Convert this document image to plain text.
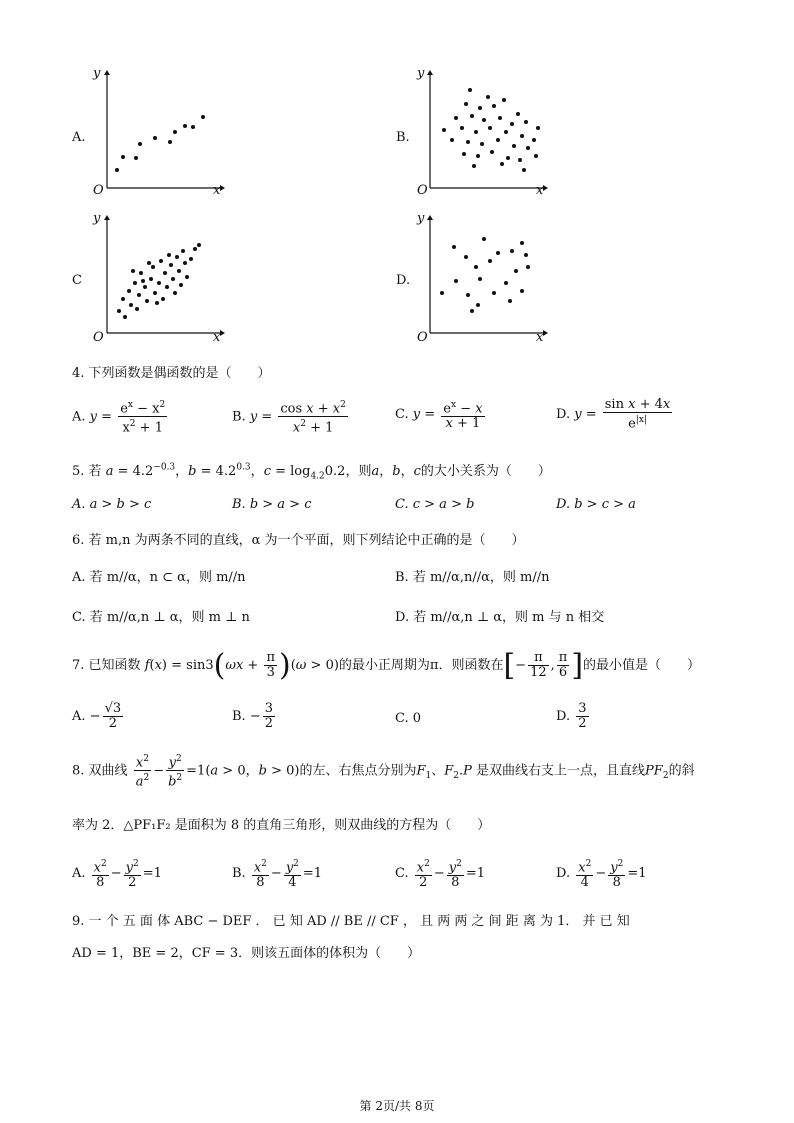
A.
O	x
y
B.
O	x
y
C
O	x
y
D.
O	x
y
4. 下列函数是偶函数的是（　　）
A. $y = \frac{e^x - x^2}{x^2 + 1}$	B. $y = \frac{\cos x + x^2}{x^2 + 1}$	C. $y = \frac{e^x - x}{x + 1}$	D. $y = \frac{\text{sin x + 4x}}{e^{|x|}}$
5. 若 $a = 4.2^{-0.3}$，$b = 4.2^{0.3}$，$c = \log_{4.2}0.2$，则a，b，c的大小关系为（　　）
A. a > b > c	B. b > a > c	C. c > a > b	D. b > c > a
6. 若 m,n 为两条不同的直线，α 为一个平面，则下列结论中正确的是（　　）
A. 若 m//α，n ⊂ α，则 m//n	B. 若 m//α,n//α，则 m//n
C. 若 m//α,n ⊥ α，则 m ⊥ n	D. 若 m//α,n ⊥ α，则 m 与 n 相交
7. 已知函数 $f(x) = \sin 3(\omega x + \frac{\pi}{3} )(\omega > 0)$的最小正周期为π．则函数在[− $\frac{\pi}{12}$ , $\frac{\pi}{6}$ ]的最小值是（　　）
A. − $\frac{√3}{2}$	B. − $\frac{3}{2}$	C. 0	D. $\frac{3}{2}$
8. 双曲线 $\frac{x^2}{a^2} - \frac{y^2}{b^2} =1(a > 0$，b > 0)的左、右焦点分别为$F_1$、$F_2.P$ 是双曲线右支上一点，且直线$PF_2$的斜
率为 2．△PF₁F₂ 是面积为 8 的直角三角形，则双曲线的方程为（　　）
A. $\frac{x^2}{8} - \frac{y^2}{2} =1$	B. $\frac{x^2}{8} - \frac{y^2}{4} =1$	C. $\frac{x^2}{2} - \frac{y^2}{8} =1$	D. $\frac{x^2}{4} - \frac{y^2}{8} =1$
9. 一 个 五 面 体 ABC − DEF ． 已 知 AD // BE // CF ， 且 两 两 之 间 距 离 为 1． 并 已 知
AD = 1，BE = 2，CF = 3．则该五面体的体积为（　　）
第 2页/共 8页
